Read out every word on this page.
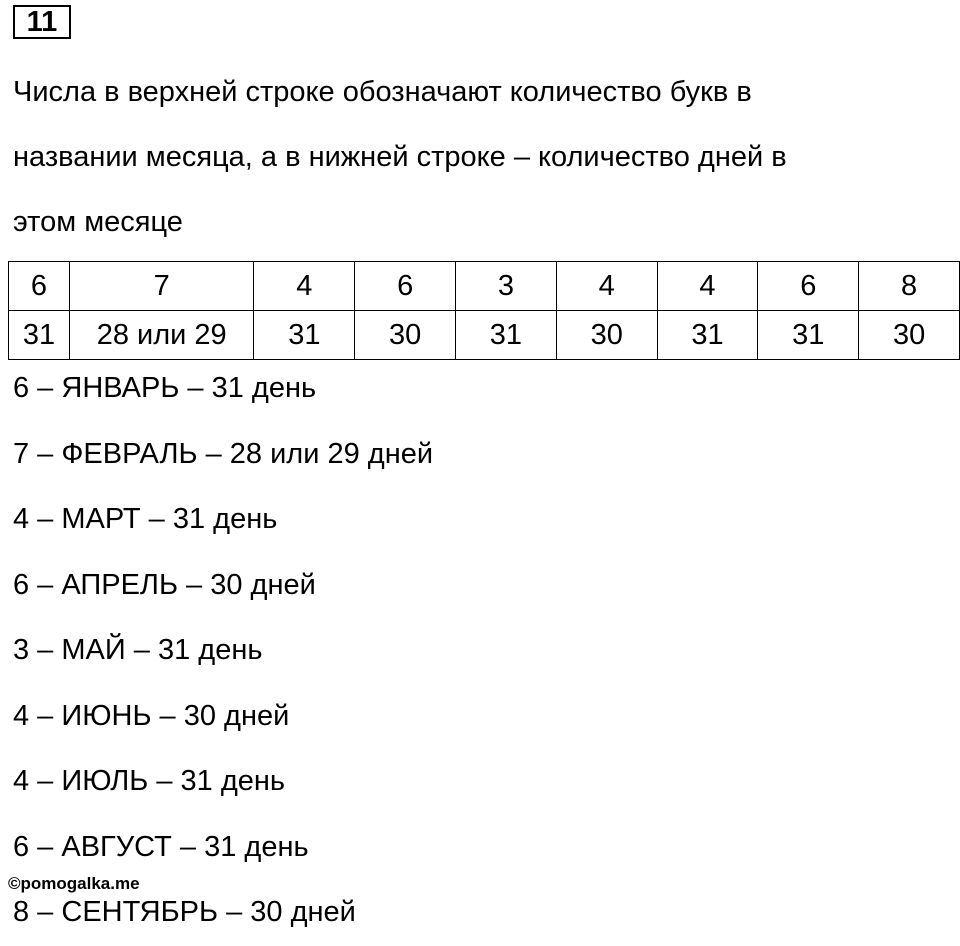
11
Числа в верхней строке обозначают количество букв в
названии месяца, а в нижней строке – количество дней в
этом месяце
6	7	4	6	3	4	4	6	8
31	28 или 29	31	30	31	30	31	31	30
6 – ЯНВАРЬ – 31 день
7 – ФЕВРАЛЬ – 28 или 29 дней
4 – МАРТ – 31 день
6 – АПРЕЛЬ – 30 дней
3 – МАЙ – 31 день
4 – ИЮНЬ – 30 дней
4 – ИЮЛЬ – 31 день
6 – АВГУСТ – 31 день
8 – СЕНТЯБРЬ – 30 дней
©pomogalka.me
